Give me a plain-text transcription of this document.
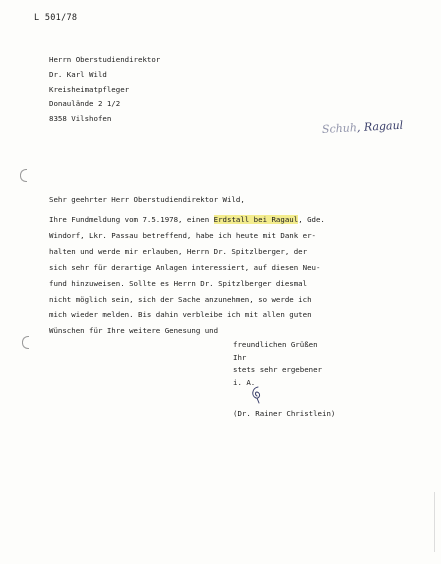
L 501/78
Herrn Oberstudiendirektor
Dr. Karl Wild
Kreisheimatpfleger
Donaulände 2 1/2
8358 Vilshofen
Schuh, Ragaul
Sehr geehrter Herr Oberstudiendirektor Wild,
Ihre Fundmeldung vom 7.5.1978, einen Erdstall bei Ragaul, Gde.
Windorf, Lkr. Passau betreffend, habe ich heute mit Dank er-
halten und werde mir erlauben, Herrn Dr. Spitzlberger, der
sich sehr für derartige Anlagen interessiert, auf diesen Neu-
fund hinzuweisen. Sollte es Herrn Dr. Spitzlberger diesmal
nicht möglich sein, sich der Sache anzunehmen, so werde ich
mich wieder melden. Bis dahin verbleibe ich mit allen guten
Wünschen für Ihre weitere Genesung und
freundlichen Grüßen
Ihr
stets sehr ergebener
i. A.
(Dr. Rainer Christlein)
